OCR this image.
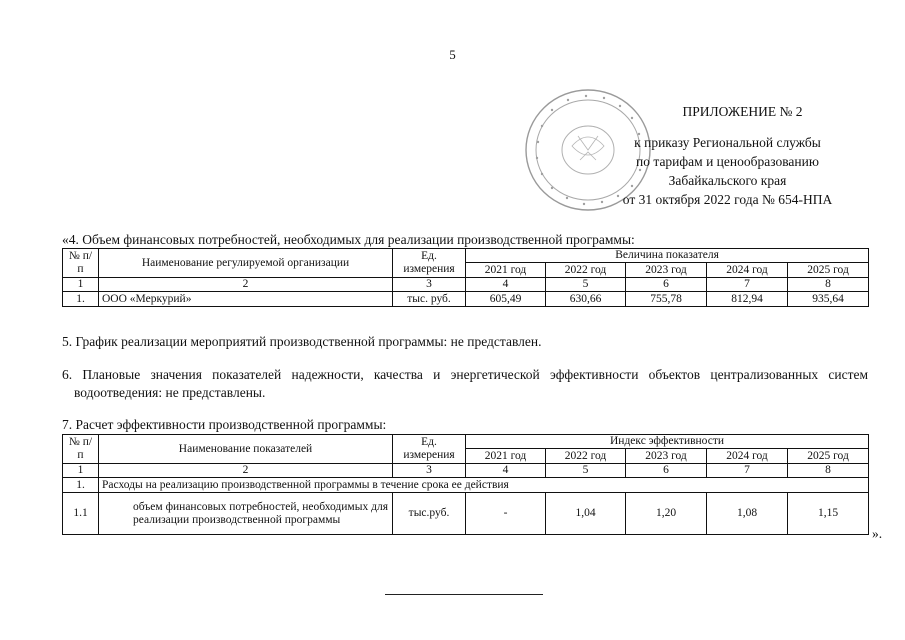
5
ПРИЛОЖЕНИЕ № 2
к приказу Региональной службы
по тарифам и ценообразованию
Забайкальского края
от 31 октября 2022 года № 654-НПА
«4. Объем финансовых потребностей, необходимых для реализации производственной программы:
№ п/п	Наименование регулируемой организации	Ед. измерения	Величина показателя				
			2021 год	2022 год	2023 год	2024 год	2025 год
1	2	3	4	5	6	7	8
1.	ООО «Меркурий»	тыс. руб.	605,49	630,66	755,78	812,94	935,64
5. График реализации мероприятий производственной программы: не представлен.
6. Плановые значения показателей надежности, качества и энергетической эффективности объектов централизованных систем водоотведения: не представлены.
7. Расчет эффективности производственной программы:
№ п/п	Наименование показателей	Ед. измерения	Индекс эффективности				
			2021 год	2022 год	2023 год	2024 год	2025 год
1	2	3	4	5	6	7	8
1.	Расходы на реализацию производственной программы в течение срока ее действия						
1.1	объем финансовых потребностей, необходимых для реализации производственной программы	тыс.руб.	-	1,04	1,20	1,08	1,15
».
